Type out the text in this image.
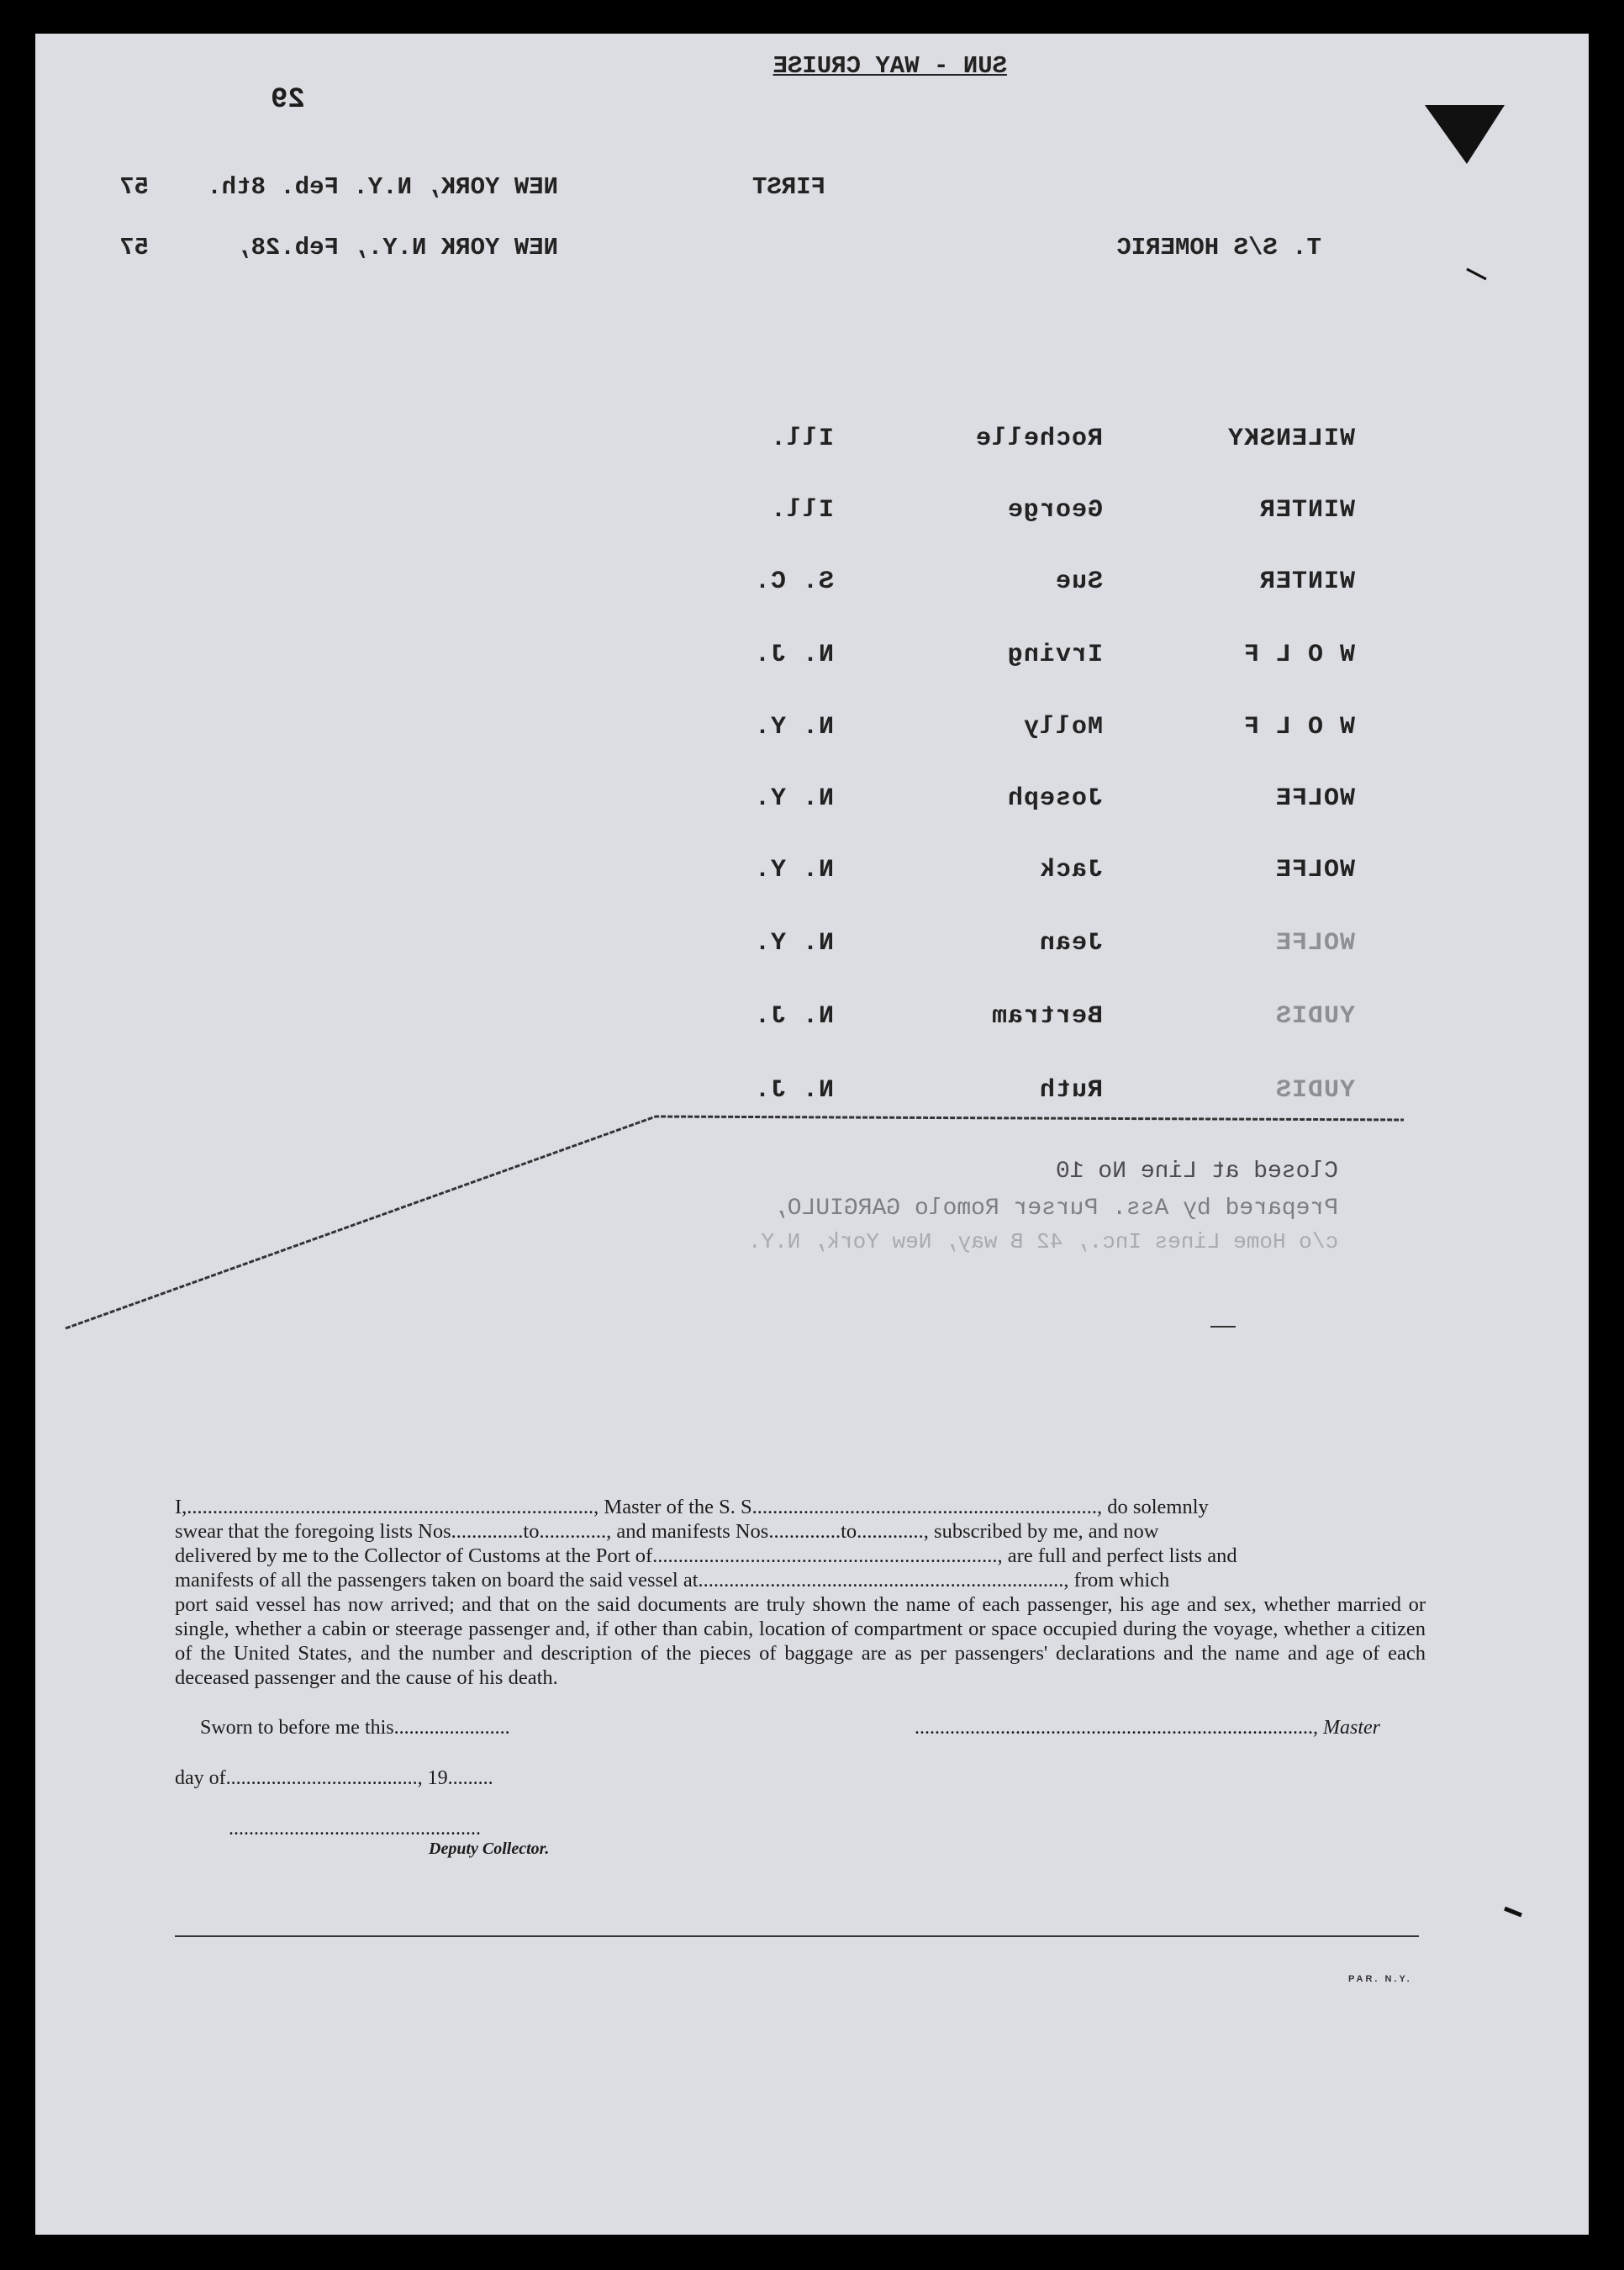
29
SUN - WAY CRUISE
FIRST
NEW YORK, N.Y. Feb. 8th.
57
T. S/S HOMERIC
NEW YORK N.Y., Feb.28,
57
WILENSKY
Rochelle
Ill.
WINTER
George
Ill.
WINTER
Sue
S. C.
W O L F
Irving
N. J.
W O L F
Molly
N. Y.
WOLFE
Joseph
N. Y.
WOLFE
Jack
N. Y.
WOLFE
Jean
N. Y.
YUDIS
Bertram
N. J.
YUDIS
Ruth
N. J.
Closed at Line No 10
Prepared by Ass. Purser Romolo GARGIULO,
c/o Home Lines Inc., 42 B way, New York, N.Y.

I,..............................................................................., Master of the S. S..................................................................., do solemnly

swear that the foregoing lists Nos..............to............., and manifests Nos..............to............., subscribed by me, and now

delivered by me to the Collector of Customs at the Port of..................................................................., are full and perfect lists and

manifests of all the passengers taken on board the said vessel at......................................................................., from which

port said vessel has now arrived; and that on the said documents are truly shown the name of each passenger, his age and sex, whether married or single, whether a cabin or steerage passenger and, if other than cabin, location of compartment or space occupied during the voyage, whether a citizen of the United States, and the number and description of the pieces of baggage are as per passengers' declarations and the name and age of each deceased passenger and the cause of his death.

Sworn to before me this.......................	..............................................................................., Master
day of......................................, 19.........
..................................................
Deputy Collector.
PAR. N.Y.
